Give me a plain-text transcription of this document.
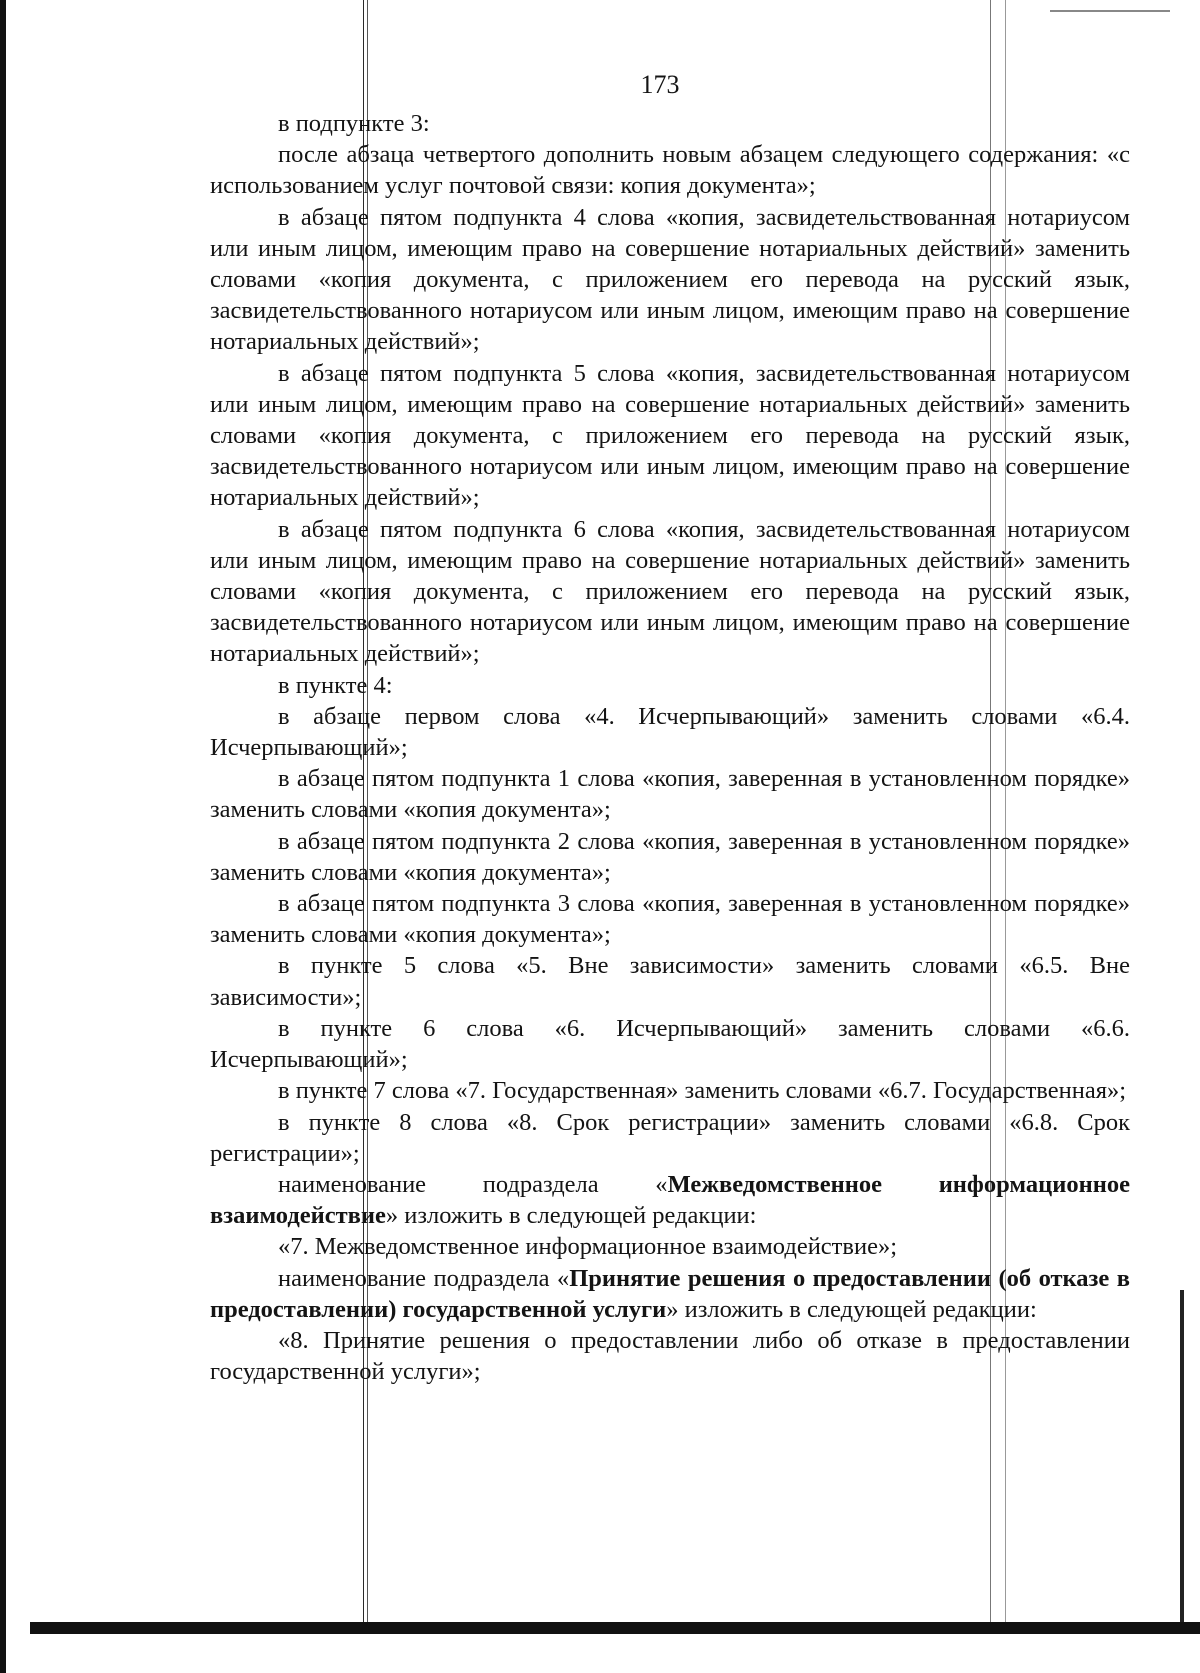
173

в подпункте 3:

после абзаца четвертого дополнить новым абзацем следующего содержания: «с использованием услуг почтовой связи: копия документа»;

в абзаце пятом подпункта 4 слова «копия, засвидетельствованная нотариусом или иным лицом, имеющим право на совершение нотариальных действий» заменить словами «копия документа, с приложением его перевода на русский язык, засвидетельствованного нотариусом или иным лицом, имеющим право на совершение нотариальных действий»;

в абзаце пятом подпункта 5 слова «копия, засвидетельствованная нотариусом или иным лицом, имеющим право на совершение нотариальных действий» заменить словами «копия документа, с приложением его перевода на русский язык, засвидетельствованного нотариусом или иным лицом, имеющим право на совершение нотариальных действий»;

в абзаце пятом подпункта 6 слова «копия, засвидетельствованная нотариусом или иным лицом, имеющим право на совершение нотариальных действий» заменить словами «копия документа, с приложением его перевода на русский язык, засвидетельствованного нотариусом или иным лицом, имеющим право на совершение нотариальных действий»;

в пункте 4:

в абзаце первом слова «4. Исчерпывающий» заменить словами «6.4. Исчерпывающий»;

в абзаце пятом подпункта 1 слова «копия, заверенная в установленном порядке» заменить словами «копия документа»;

в абзаце пятом подпункта 2 слова «копия, заверенная в установленном порядке» заменить словами «копия документа»;

в абзаце пятом подпункта 3 слова «копия, заверенная в установленном порядке» заменить словами «копия документа»;

в пункте 5 слова «5. Вне зависимости» заменить словами «6.5. Вне зависимости»;

в пункте 6 слова «6. Исчерпывающий» заменить словами «6.6. Исчерпывающий»;

в пункте 7 слова «7. Государственная» заменить словами «6.7. Государственная»;

в пункте 8 слова «8. Срок регистрации» заменить словами «6.8. Срок регистрации»;

наименование подраздела «Межведомственное информационное взаимодействие» изложить в следующей редакции:

«7. Межведомственное информационное взаимодействие»;

наименование подраздела «Принятие решения о предоставлении (об отказе в предоставлении) государственной услуги» изложить в следующей редакции:

«8. Принятие решения о предоставлении либо об отказе в предоставлении государственной услуги»;
